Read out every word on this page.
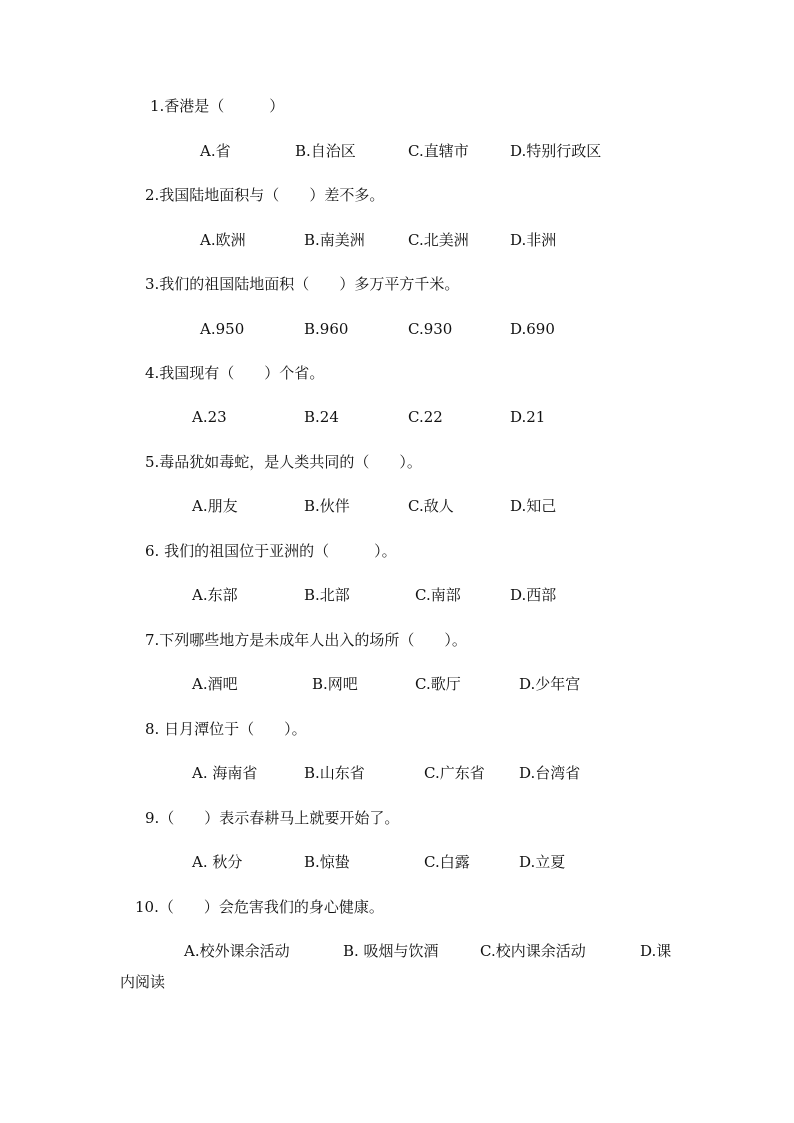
1.香港是（　　　）
A.省	B.自治区	C.直辖市	D.特别行政区
2.我国陆地面积与（　　）差不多。
A.欧洲	B.南美洲	C.北美洲	D.非洲
3.我们的祖国陆地面积（　　）多万平方千米。
A.950	B.960	C.930	D.690
4.我国现有（　　）个省。
A.23	B.24	C.22	D.21
5.毒品犹如毒蛇，是人类共同的（　　）。
A.朋友	B.伙伴	C.敌人	D.知己
6. 我们的祖国位于亚洲的（　　　）。
A.东部	B.北部	C.南部	D.西部
7.下列哪些地方是未成年人出入的场所（　　）。
A.酒吧	B.网吧	C.歌厅	D.少年宫
8. 日月潭位于（　　）。
A. 海南省	B.山东省	C.广东省 D.台湾省
9.（　　）表示春耕马上就要开始了。
A. 秋分	B.惊蛰	C.白露	D.立夏
10.（　　）会危害我们的身心健康。
A.校外课余活动	B. 吸烟与饮酒	C.校内课余活动	D.课
内阅读
